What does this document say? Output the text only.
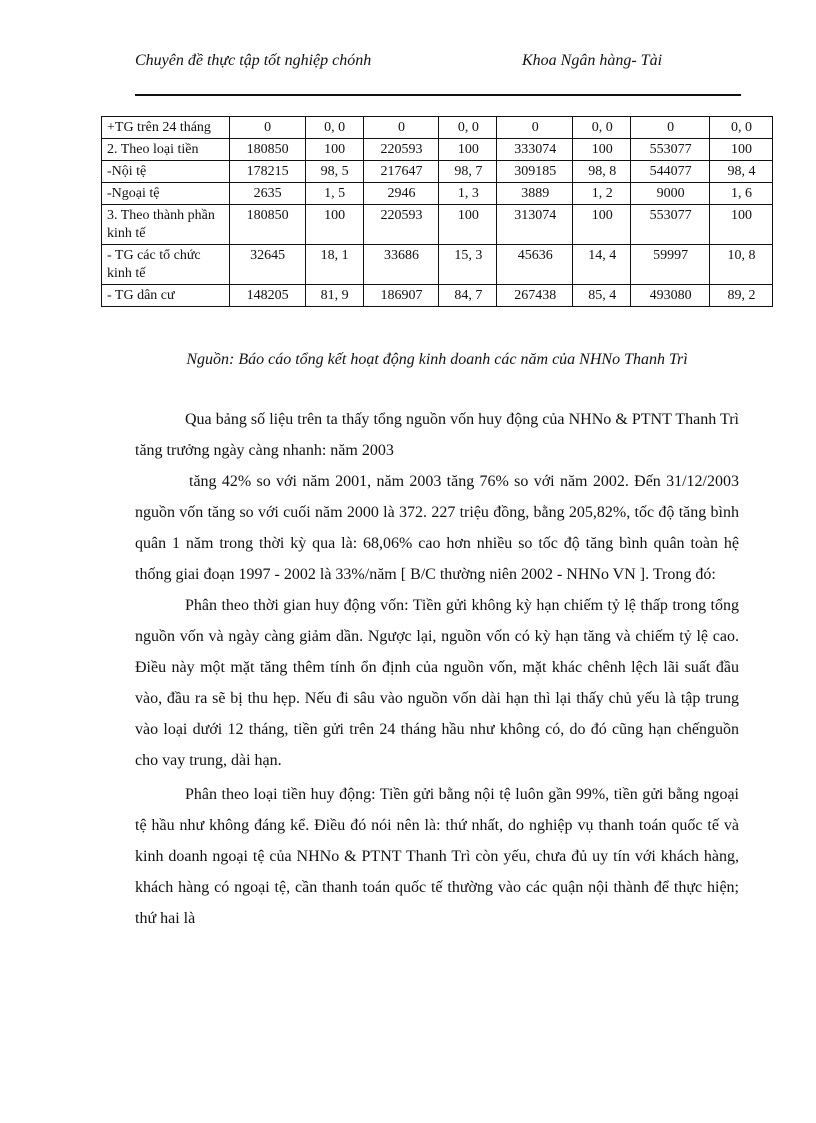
Chuyên đề thực tập tốt nghiệp chónh	Khoa Ngân hàng- Tài
+TG trên 24 tháng	0	0, 0	0	0, 0	0	0, 0	0	0, 0
2. Theo loại tiền	180850	100	220593	100	333074	100	553077	100
-Nội tệ	178215	98, 5	217647	98, 7	309185	98, 8	544077	98, 4
-Ngoại tệ	2635	1, 5	2946	1, 3	3889	1, 2	9000	1, 6
3. Theo thành phần kinh tế	180850	100	220593	100	313074	100	553077	100
- TG các tổ chức kinh tế	32645	18, 1	33686	15, 3	45636	14, 4	59997	10, 8
- TG dân cư	148205	81, 9	186907	84, 7	267438	85, 4	493080	89, 2
Nguồn: Báo cáo tổng kết hoạt động kinh doanh các năm của NHNo Thanh Trì

Qua bảng số liệu trên ta thấy tổng nguồn vốn huy động của NHNo & PTNT Thanh Trì tăng trưởng ngày càng nhanh: năm 2003

tăng 42% so với năm 2001, năm 2003 tăng 76% so với năm 2002. Đến 31/12/2003 nguồn vốn tăng so với cuối năm 2000 là 372. 227 triệu đồng, bằng 205,82%, tốc độ tăng bình quân 1 năm trong thời kỳ qua là: 68,06% cao hơn nhiều so tốc độ tăng bình quân toàn hệ thống giai đoạn 1997 - 2002 là 33%/năm [ B/C thường niên 2002 - NHNo VN ]. Trong đó:

Phân theo thời gian huy động vốn: Tiền gửi không kỳ hạn chiếm tỷ lệ thấp trong tổng nguồn vốn và ngày càng giảm dần. Ngược lại, nguồn vốn có kỳ hạn tăng và chiếm tỷ lệ cao. Điều này một mặt tăng thêm tính ổn định của nguồn vốn, mặt khác chênh lệch lãi suất đầu vào, đầu ra sẽ bị thu hẹp. Nếu đi sâu vào nguồn vốn dài hạn thì lại thấy chủ yếu là tập trung vào loại dưới 12 tháng, tiền gửi trên 24 tháng hầu như không có, do đó cũng hạn chếnguồn cho vay trung, dài hạn.

Phân theo loại tiền huy động: Tiền gửi bằng nội tệ luôn gần 99%, tiền gửi bằng ngoại tệ hầu như không đáng kể. Điều đó nói nên là: thứ nhất, do nghiệp vụ thanh toán quốc tế và kinh doanh ngoại tệ của NHNo & PTNT Thanh Trì còn yếu, chưa đủ uy tín với khách hàng, khách hàng có ngoại tệ, cần thanh toán quốc tế thường vào các quận nội thành để thực hiện; thứ hai là
